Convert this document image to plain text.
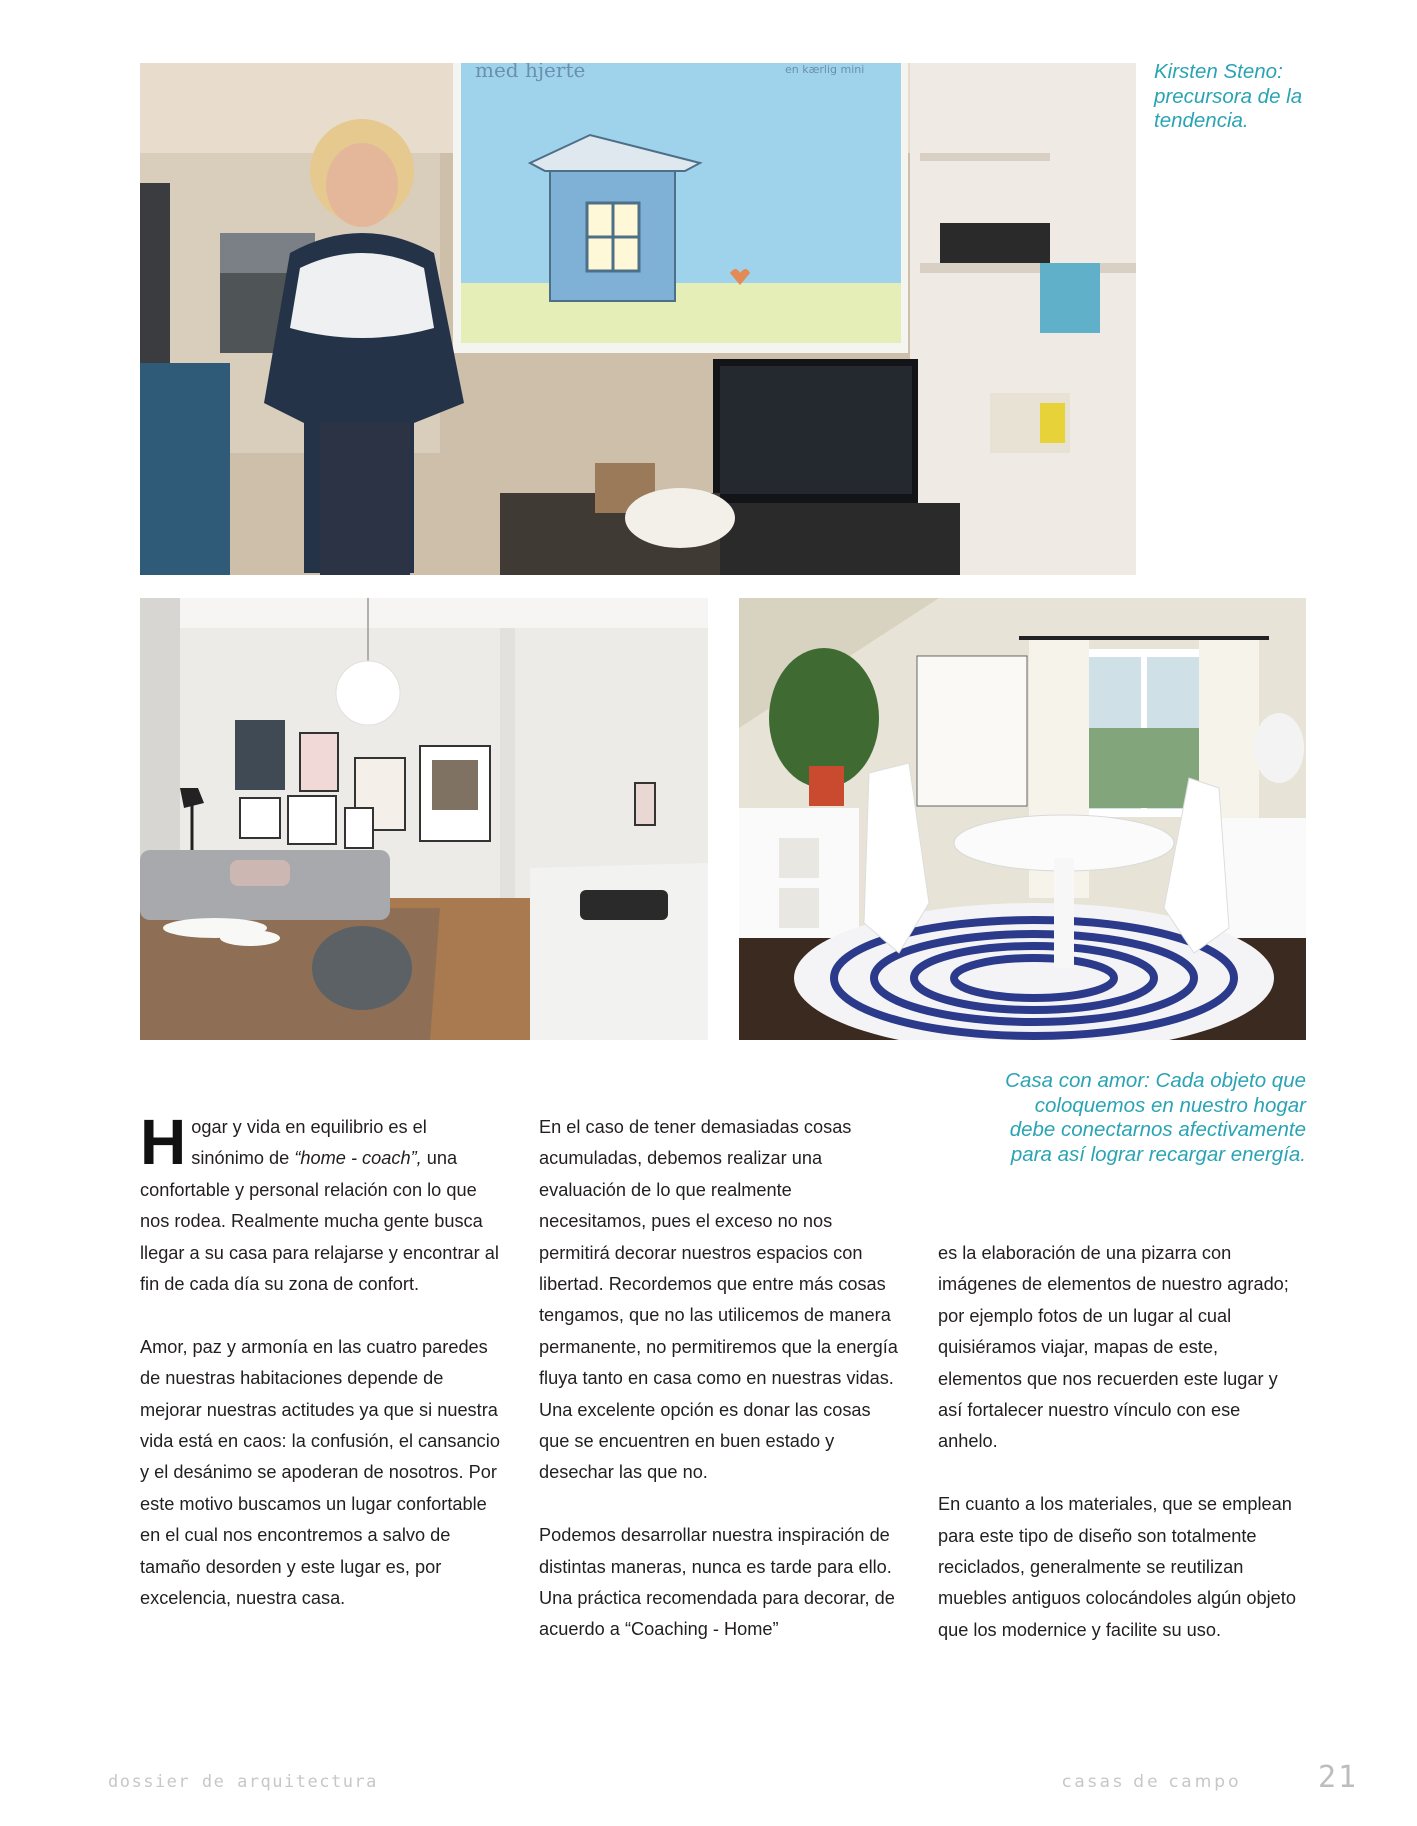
med hjerte	en kærlig mini	Kirsten Steno: precursora de la tendencia.
Casa con amor: Cada objeto que coloquemos en nuestro hogar debe conectarnos afectivamente para así lograr recargar energía.

Hogar y vida en equilibrio es el sinónimo de “home - coach”, una confortable y personal relación con lo que nos rodea. Realmente mucha gente busca llegar a su casa para relajarse y encontrar al fin de cada día su zona de confort.

Amor, paz y armonía en las cuatro paredes de nuestras habitaciones depende de mejorar nuestras actitudes ya que si nuestra vida está en caos: la confusión, el cansancio y el desánimo se apoderan de nosotros. Por este motivo buscamos un lugar confortable en el cual nos encontremos a salvo de tamaño desorden y este lugar es, por excelencia, nuestra casa.

En el caso de tener demasiadas cosas acumuladas, debemos realizar una evaluación de lo que realmente necesitamos, pues el exceso no nos permitirá decorar nuestros espacios con libertad. Recordemos que entre más cosas tengamos, que no las utilicemos de manera permanente, no permitiremos que la energía fluya tanto en casa como en nuestras vidas. Una excelente opción es donar las cosas que se encuentren en buen estado y desechar las que no.

Podemos desarrollar nuestra inspiración de distintas maneras, nunca es tarde para ello. Una práctica recomendada para decorar, de acuerdo a “Coaching - Home”

es la elaboración de una pizarra con imágenes de elementos de nuestro agrado; por ejemplo fotos de un lugar al cual quisiéramos viajar, mapas de este, elementos que nos recuerden este lugar y así fortalecer nuestro vínculo con ese anhelo.

En cuanto a los materiales, que se emplean para este tipo de diseño son totalmente reciclados, generalmente se reutilizan muebles antiguos colocándoles algún objeto que los modernice y facilite su uso.

dossier de arquitectura	casas de campo	21
